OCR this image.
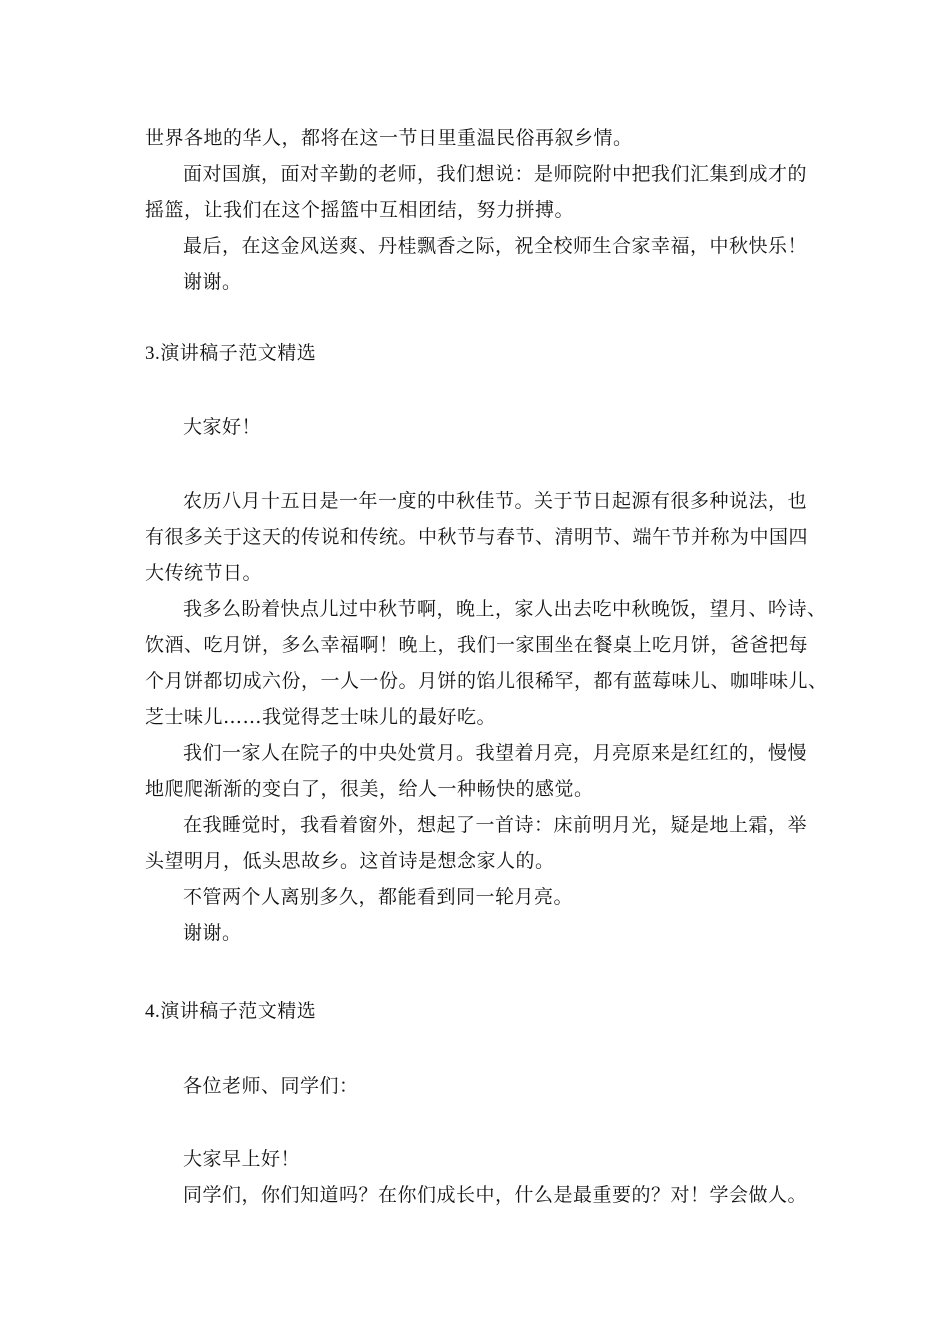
世界各地的华人，都将在这一节日里重温民俗再叙乡情。
面对国旗，面对辛勤的老师，我们想说：是师院附中把我们汇集到成才的
摇篮，让我们在这个摇篮中互相团结，努力拼搏。
最后，在这金风送爽、丹桂飘香之际，祝全校师生合家幸福，中秋快乐！
谢谢。
3.演讲稿子范文精选
大家好！
农历八月十五日是一年一度的中秋佳节。关于节日起源有很多种说法，也
有很多关于这天的传说和传统。中秋节与春节、清明节、端午节并称为中国四
大传统节日。
我多么盼着快点儿过中秋节啊，晚上，家人出去吃中秋晚饭，望月、吟诗、
饮酒、吃月饼，多么幸福啊！晚上，我们一家围坐在餐桌上吃月饼，爸爸把每
个月饼都切成六份，一人一份。月饼的馅儿很稀罕，都有蓝莓味儿、咖啡味儿、
芝士味儿……我觉得芝士味儿的最好吃。
我们一家人在院子的中央处赏月。我望着月亮，月亮原来是红红的，慢慢
地爬爬渐渐的变白了，很美，给人一种畅快的感觉。
在我睡觉时，我看着窗外，想起了一首诗：床前明月光，疑是地上霜，举
头望明月，低头思故乡。这首诗是想念家人的。
不管两个人离别多久，都能看到同一轮月亮。
谢谢。
4.演讲稿子范文精选
各位老师、同学们：
大家早上好！
同学们，你们知道吗？在你们成长中，什么是最重要的？对！学会做人。
